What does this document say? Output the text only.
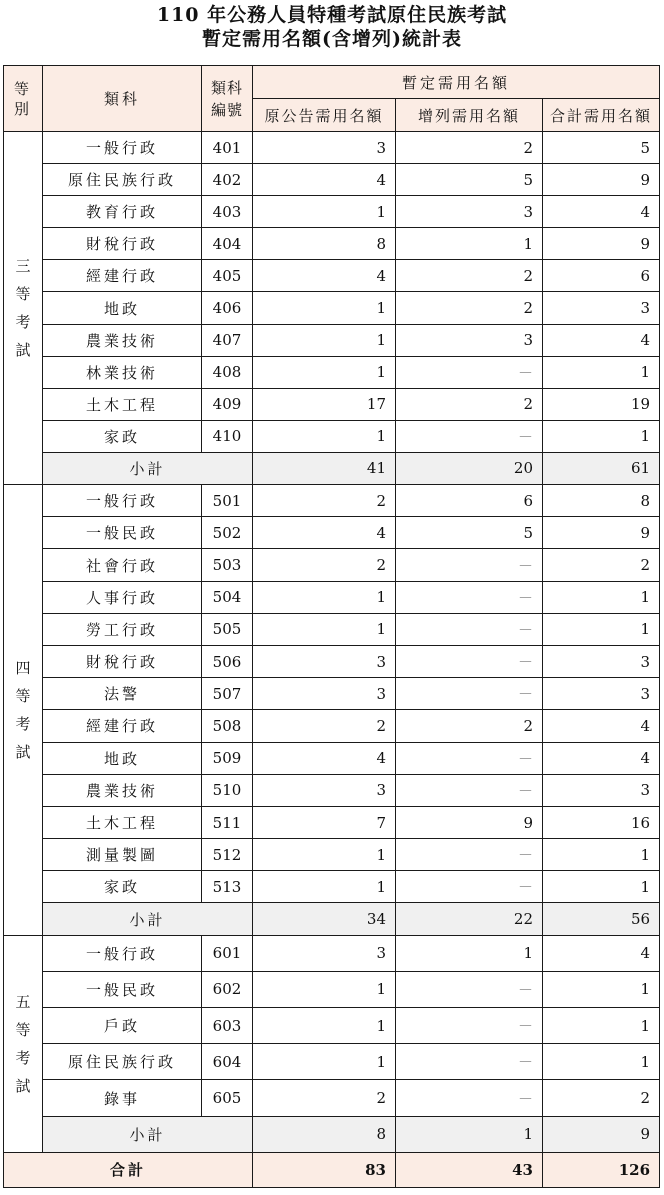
110 年公務人員特種考試原住民族考試
暫定需用名額(含增列)統計表
等
別	類科	類科
編號	暫定需用名額		
			原公告需用名額	增列需用名額	合計需用名額
三
等
考
試	一般行政	401	3	2	5
	原住民族行政	402	4	5	9
	教育行政	403	1	3	4
	財稅行政	404	8	1	9
	經建行政	405	4	2	6
	地政	406	1	2	3
	農業技術	407	1	3	4
	林業技術	408	1	－	1
	土木工程	409	17	2	19
	家政	410	1	－	1
	小計		41	20	61
四
等
考
試	一般行政	501	2	6	8
	一般民政	502	4	5	9
	社會行政	503	2	－	2
	人事行政	504	1	－	1
	勞工行政	505	1	－	1
	財稅行政	506	3	－	3
	法警	507	3	－	3
	經建行政	508	2	2	4
	地政	509	4	－	4
	農業技術	510	3	－	3
	土木工程	511	7	9	16
	測量製圖	512	1	－	1
	家政	513	1	－	1
	小計		34	22	56
五
等
考
試	一般行政	601	3	1	4
	一般民政	602	1	－	1
	戶政	603	1	－	1
	原住民族行政	604	1	－	1
	錄事	605	2	－	2
	小計		8	1	9
合計			83	43	126
